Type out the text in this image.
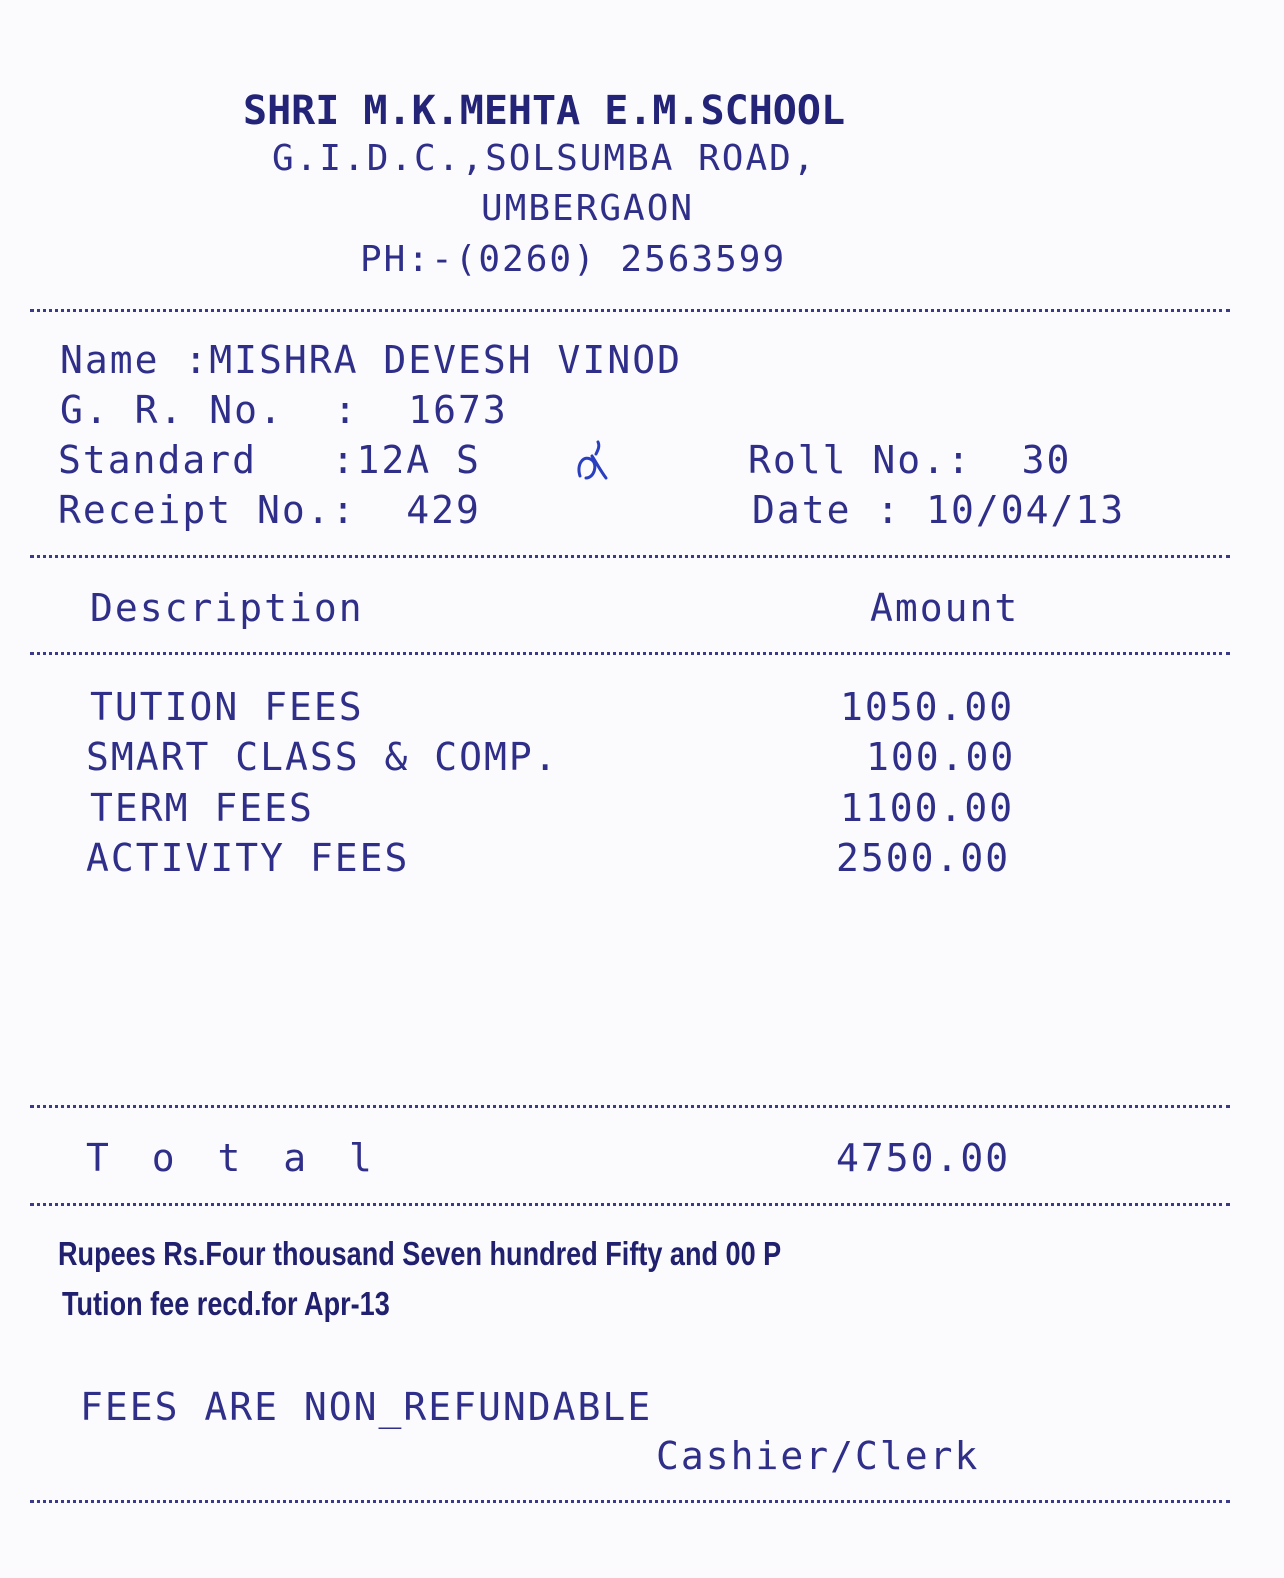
SHRI M.K.MEHTA E.M.SCHOOL
G.I.D.C.,SOLSUMBA ROAD,
UMBERGAON
PH:-(0260) 2563599
Name :MISHRA DEVESH VINOD
G. R. No.  :  1673
Standard   :12A S	Roll No.:  30
Receipt No.:  429	Date : 10/04/13
Description	Amount
TUTION FEES	1050.00
SMART CLASS & COMP.	100.00
TERM FEES	1100.00
ACTIVITY FEES	2500.00
T o t a l	4750.00
Rupees Rs.Four thousand Seven hundred Fifty and 00 P
Tution fee recd.for Apr-13
FEES ARE NON_REFUNDABLE
Cashier/Clerk
